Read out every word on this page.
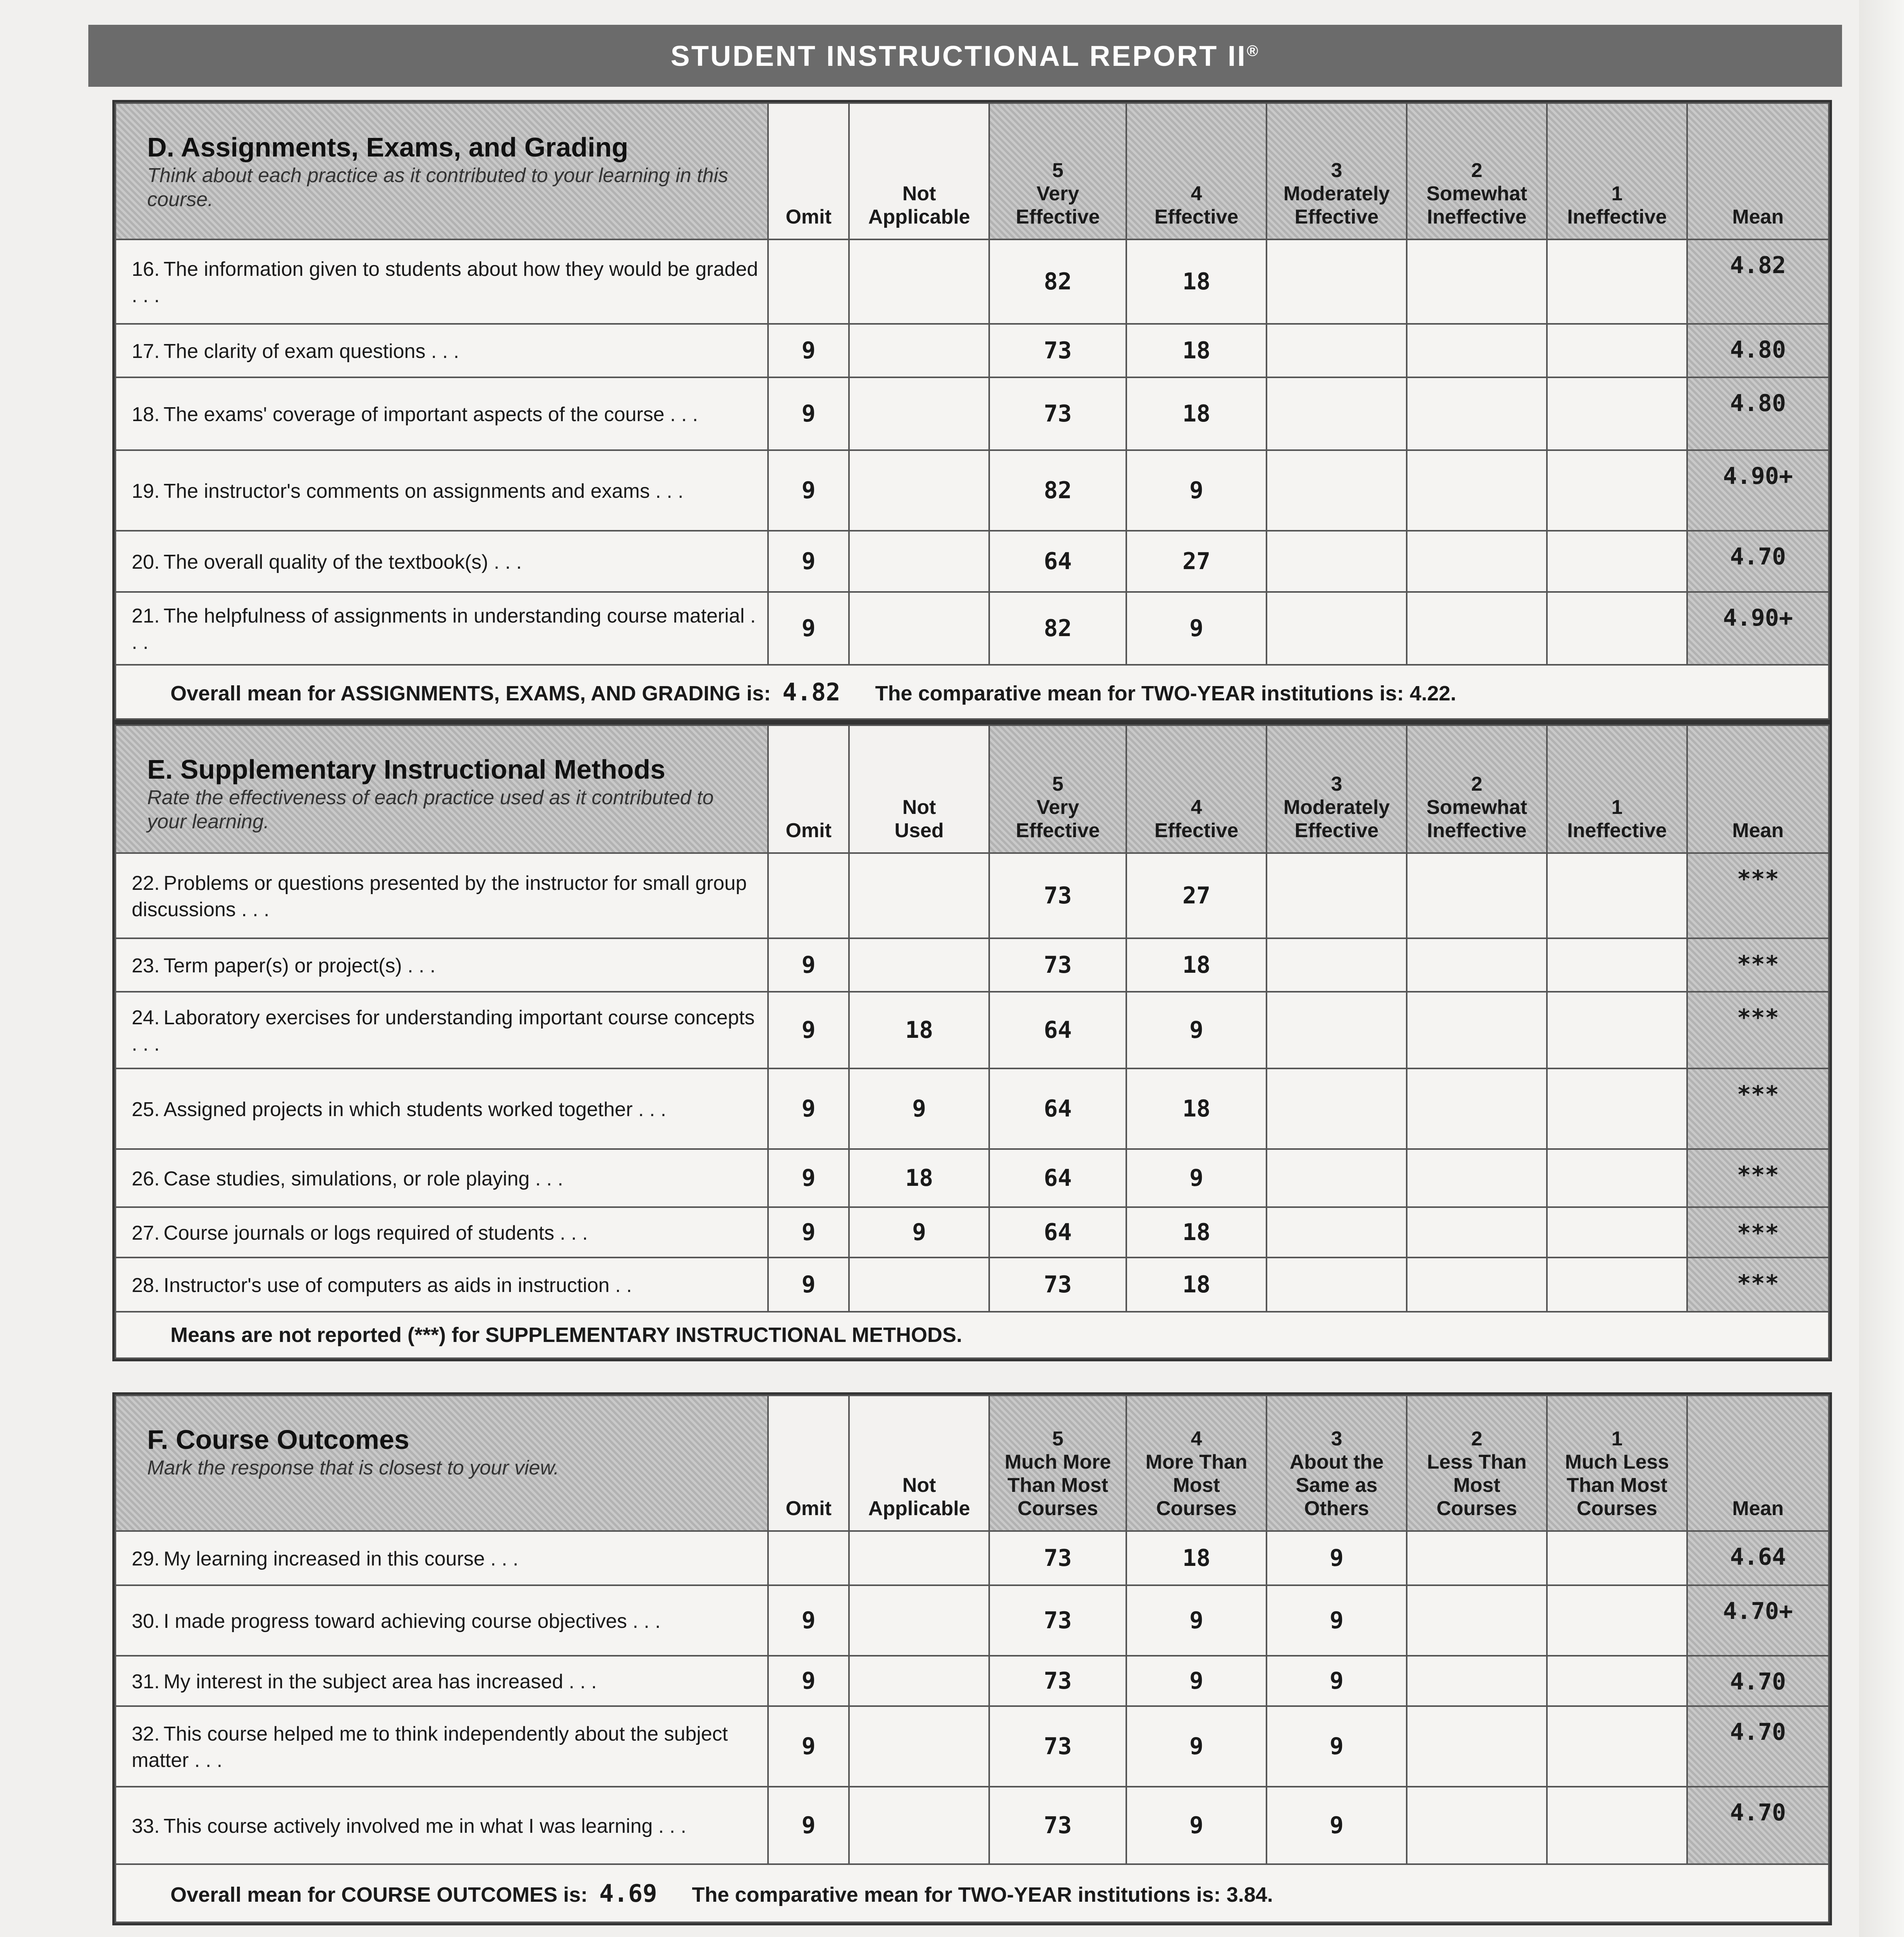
STUDENT INSTRUCTIONAL REPORT II®
D. Assignments, Exams, and Grading
Think about each practice as it contributed to your learning in this course.	Omit	Not
Applicable	5
Very
Effective	4
Effective	3
Moderately
Effective	2
Somewhat
Ineffective	1
Ineffective	Mean

16. The information given to students about how they would be graded . . .			82	18				4.82
17. The clarity of exam questions . . .	9		73	18				4.80
18. The exams' coverage of important aspects of the course . . .	9		73	18				4.80
19. The instructor's comments on assignments and exams . . .	9		82	9				4.90+
20. The overall quality of the textbook(s) . . .	9		64	27				4.70
21. The helpfulness of assignments in understanding course material . . .	9		82	9				4.90+
Overall mean for ASSIGNMENTS, EXAMS, AND GRADING is: 4.82 The comparative mean for TWO-YEAR institutions is: 4.22.								
E. Supplementary Instructional Methods
Rate the effectiveness of each practice used as it contributed to your learning.	Omit	Not
Used	5
Very
Effective	4
Effective	3
Moderately
Effective	2
Somewhat
Ineffective	1
Ineffective	Mean

22. Problems or questions presented by the instructor for small group discussions . . .			73	27				***
23. Term paper(s) or project(s) . . .	9		73	18				***
24. Laboratory exercises for understanding important course concepts . . .	9	18	64	9				***
25. Assigned projects in which students worked together . . .	9	9	64	18				***
26. Case studies, simulations, or role playing . . .	9	18	64	9				***
27. Course journals or logs required of students . . .	9	9	64	18				***
28. Instructor's use of computers as aids in instruction . .	9		73	18				***
Means are not reported (***) for SUPPLEMENTARY INSTRUCTIONAL METHODS.								
F. Course Outcomes
Mark the response that is closest to your view.	Omit	Not
Applicable	5
Much More
Than Most
Courses	4
More Than
Most
Courses	3
About the
Same as
Others	2
Less Than
Most
Courses	1
Much Less
Than Most
Courses	Mean

29. My learning increased in this course . . .			73	18	9			4.64
30. I made progress toward achieving course objectives . . .	9		73	9	9			4.70+
31. My interest in the subject area has increased . . .	9		73	9	9			4.70
32. This course helped me to think independently about the subject matter . . .	9		73	9	9			4.70
33. This course actively involved me in what I was learning . . .	9		73	9	9			4.70
Overall mean for COURSE OUTCOMES is: 4.69 The comparative mean for TWO-YEAR institutions is: 3.84.								
